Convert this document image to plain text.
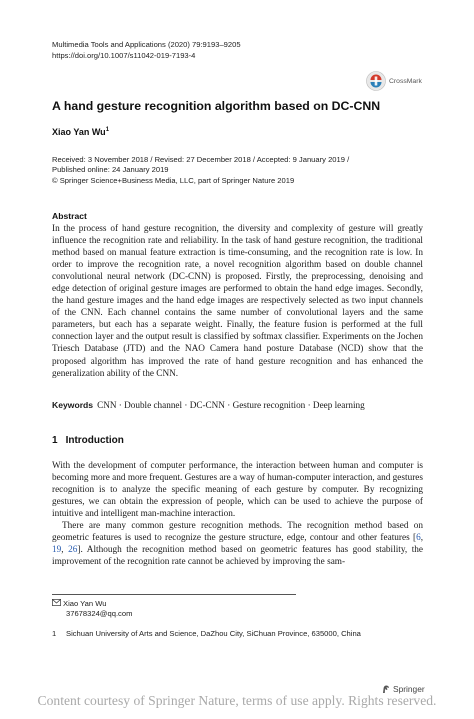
Multimedia Tools and Applications (2020) 79:9193–9205
https://doi.org/10.1007/s11042-019-7193-4
CrossMark
A hand gesture recognition algorithm based on DC-CNN
Xiao Yan Wu$^1$
Received: 3 November 2018 / Revised: 27 December 2018 / Accepted: 9 January 2019 /
Published online: 24 January 2019
© Springer Science+Business Media, LLC, part of Springer Nature 2019
Abstract
In the process of hand gesture recognition, the diversity and complexity of gesture will greatly influence the recognition rate and reliability. In the task of hand gesture recognition, the traditional method based on manual feature extraction is time-consuming, and the recognition rate is low. In order to improve the recognition rate, a novel recognition algorithm based on double channel convolutional neural network (DC-CNN) is proposed. Firstly, the preprocessing, denoising and edge detection of original gesture images are performed to obtain the hand edge images. Secondly, the hand gesture images and the hand edge images are respectively selected as two input channels of the CNN. Each channel contains the same number of convolutional layers and the same parameters, but each has a separate weight. Finally, the feature fusion is performed at the full connection layer and the output result is classified by softmax classifier. Experiments on the Jochen Triesch Database (JTD) and the NAO Camera hand posture Database (NCD) show that the proposed algorithm has improved the rate of hand gesture recognition and has enhanced the generalization ability of the CNN.
Keywords CNN · Double channel · DC-CNN · Gesture recognition · Deep learning
1 Introduction
With the development of computer performance, the interaction between human and computer is becoming more and more frequent. Gestures are a way of human-computer interaction, and gestures recognition is to analyze the specific meaning of each gesture by computer. By recognizing gestures, we can obtain the expression of people, which can be used to achieve the purpose of intuitive and intelligent man-machine interaction.
There are many common gesture recognition methods. The recognition method based on geometric features is used to recognize the gesture structure, edge, contour and other features [6, 19, 26]. Although the recognition method based on geometric features has good stability, the improvement of the recognition rate cannot be achieved by improving the sam-
Xiao Yan Wu
37678324@qq.com
1 Sichuan University of Arts and Science, DaZhou City, SiChuan Province, 635000, China
Springer
Content courtesy of Springer Nature, terms of use apply. Rights reserved.
